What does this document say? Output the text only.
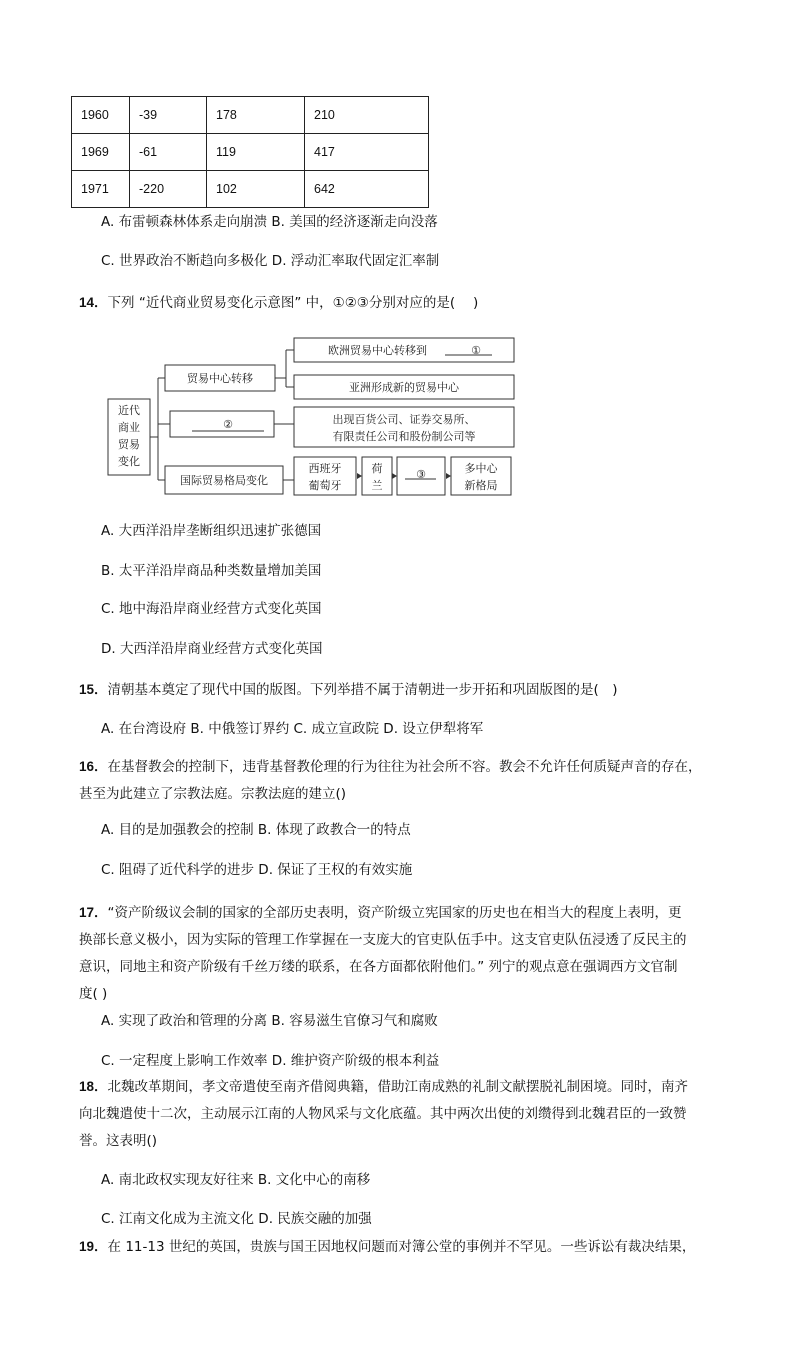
1960	-39	178	210
1969	-61	119	417
1971	-220	102	642
A. 布雷顿森林体系走向崩溃 B. 美国的经济逐渐走向没落
C. 世界政治不断趋向多极化 D. 浮动汇率取代固定汇率制
14．下列 “近代商业贸易变化示意图” 中，①②③分别对应的是(　 )
近代
商业
贸易
变化
贸易中心转移
②
国际贸易格局变化
欧洲贸易中心转移到	①
亚洲形成新的贸易中心
出现百货公司、证券交易所、
有限责任公司和股份制公司等
西班牙
葡萄牙
荷
兰
③	多中心
新格局
A. 大西洋沿岸垄断组织迅速扩张德国
B. 太平洋沿岸商品种类数量增加美国
C. 地中海沿岸商业经营方式变化英国
D. 大西洋沿岸商业经营方式变化英国
15．清朝基本奠定了现代中国的版图。下列举措不属于清朝进一步开拓和巩固版图的是(　)
A. 在台湾设府 B. 中俄签订界约 C. 成立宣政院 D. 设立伊犁将军
16．在基督教会的控制下，违背基督教伦理的行为往往为社会所不容。教会不允许任何质疑声音的存在，
甚至为此建立了宗教法庭。宗教法庭的建立()
A. 目的是加强教会的控制 B. 体现了政教合一的特点
C. 阻碍了近代科学的进步 D. 保证了王权的有效实施
17．“资产阶级议会制的国家的全部历史表明，资产阶级立宪国家的历史也在相当大的程度上表明，更
换部长意义极小，因为实际的管理工作掌握在一支庞大的官吏队伍手中。这支官吏队伍浸透了反民主的
意识，同地主和资产阶级有千丝万缕的联系，在各方面都依附他们。” 列宁的观点意在强调西方文官制
度( )
A. 实现了政治和管理的分离 B. 容易滋生官僚习气和腐败
C. 一定程度上影响工作效率 D. 维护资产阶级的根本利益
18．北魏改革期间，孝文帝遣使至南齐借阅典籍，借助江南成熟的礼制文献摆脱礼制困境。同时，南齐
向北魏遣使十二次，主动展示江南的人物风采与文化底蕴。其中两次出使的刘缵得到北魏君臣的一致赞
誉。这表明()
A. 南北政权实现友好往来 B. 文化中心的南移
C. 江南文化成为主流文化 D. 民族交融的加强
19．在 11-13 世纪的英国，贵族与国王因地权问题而对簿公堂的事例并不罕见。一些诉讼有裁决结果，
